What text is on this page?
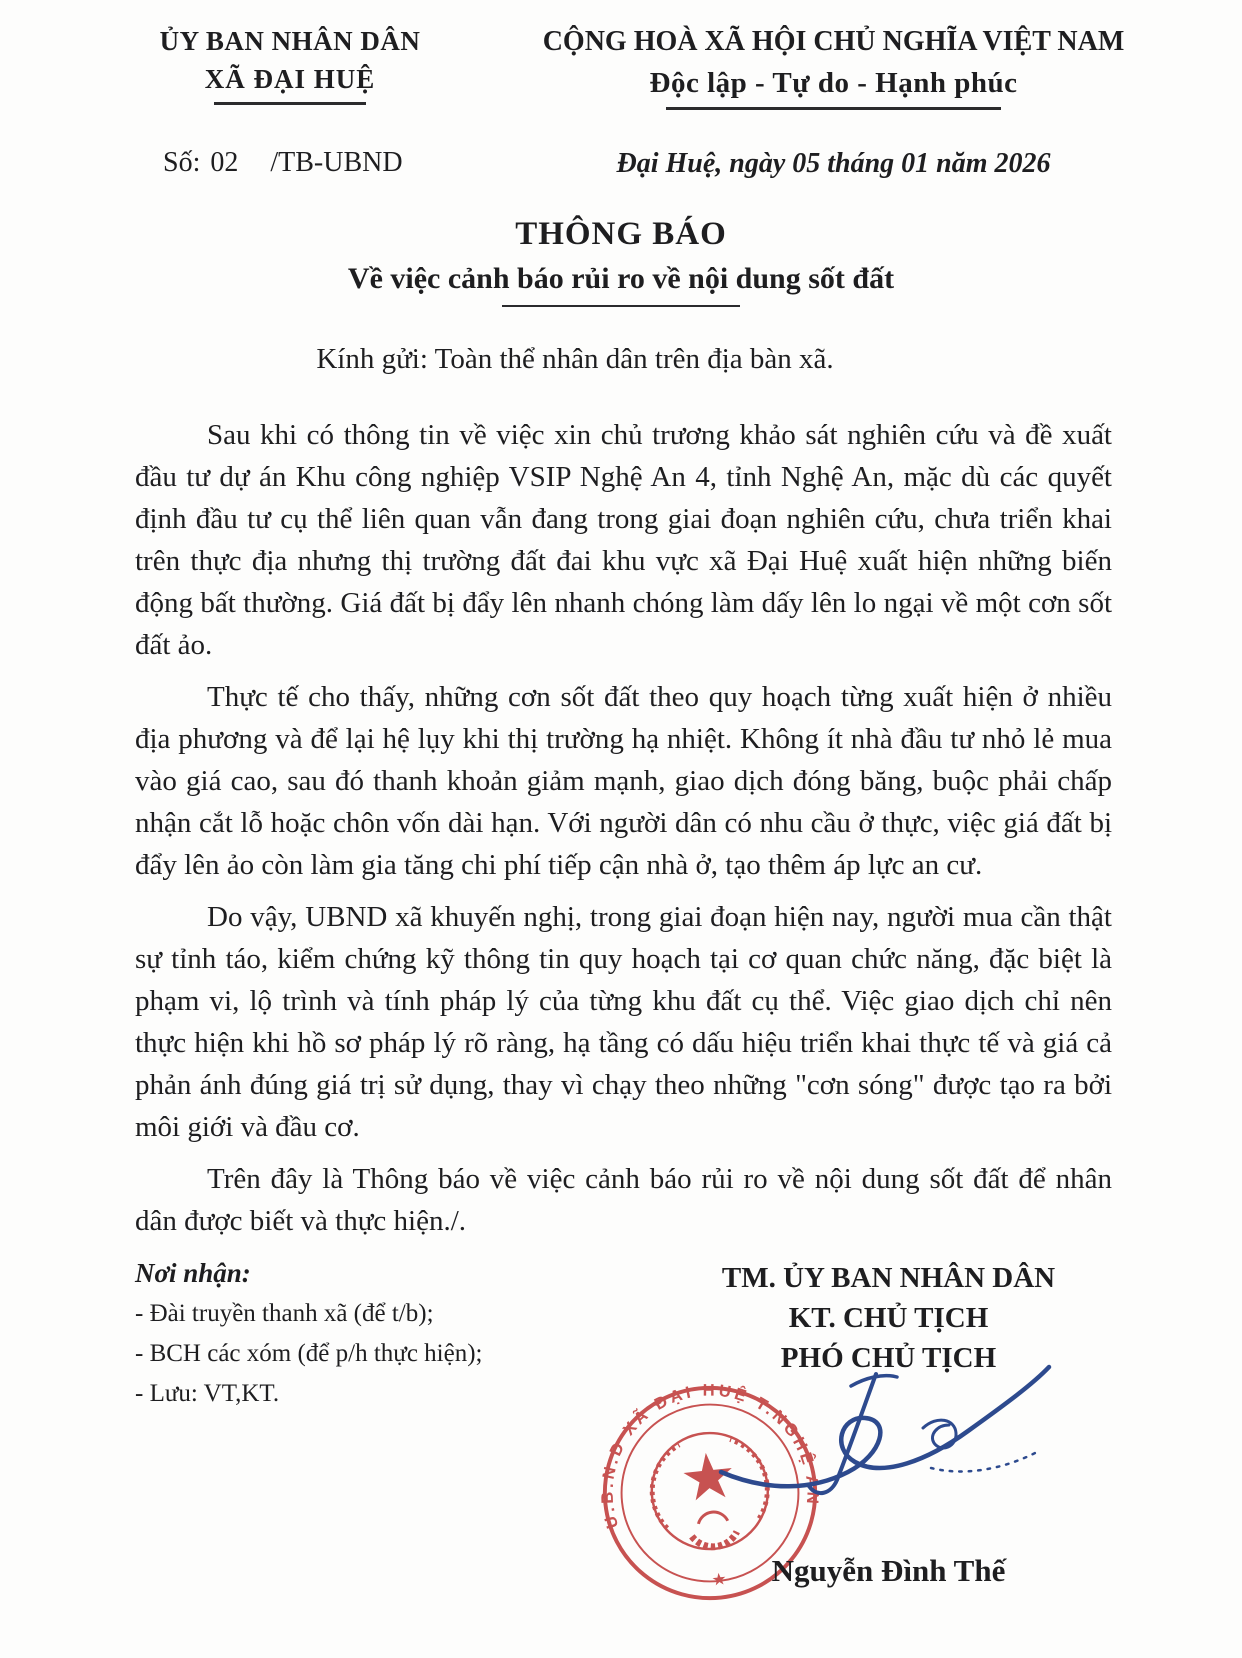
ỦY BAN NHÂN DÂN
XÃ ĐẠI HUỆ
Số: 02 /TB-UBND
CỘNG HOÀ XÃ HỘI CHỦ NGHĨA VIỆT NAM
Độc lập - Tự do - Hạnh phúc
Đại Huệ, ngày 05 tháng 01 năm 2026
THÔNG BÁO
Về việc cảnh báo rủi ro về nội dung sốt đất
Kính gửi: Toàn thể nhân dân trên địa bàn xã.

Sau khi có thông tin về việc xin chủ trương khảo sát nghiên cứu và đề xuất đầu tư dự án Khu công nghiệp VSIP Nghệ An 4, tỉnh Nghệ An, mặc dù các quyết định đầu tư cụ thể liên quan vẫn đang trong giai đoạn nghiên cứu, chưa triển khai trên thực địa nhưng thị trường đất đai khu vực xã Đại Huệ xuất hiện những biến động bất thường. Giá đất bị đẩy lên nhanh chóng làm dấy lên lo ngại về một cơn sốt đất ảo.

Thực tế cho thấy, những cơn sốt đất theo quy hoạch từng xuất hiện ở nhiều địa phương và để lại hệ lụy khi thị trường hạ nhiệt. Không ít nhà đầu tư nhỏ lẻ mua vào giá cao, sau đó thanh khoản giảm mạnh, giao dịch đóng băng, buộc phải chấp nhận cắt lỗ hoặc chôn vốn dài hạn. Với người dân có nhu cầu ở thực, việc giá đất bị đẩy lên ảo còn làm gia tăng chi phí tiếp cận nhà ở, tạo thêm áp lực an cư.

Do vậy, UBND xã khuyến nghị, trong giai đoạn hiện nay, người mua cần thật sự tỉnh táo, kiểm chứng kỹ thông tin quy hoạch tại cơ quan chức năng, đặc biệt là phạm vi, lộ trình và tính pháp lý của từng khu đất cụ thể. Việc giao dịch chỉ nên thực hiện khi hồ sơ pháp lý rõ ràng, hạ tầng có dấu hiệu triển khai thực tế và giá cả phản ánh đúng giá trị sử dụng, thay vì chạy theo những "cơn sóng" được tạo ra bởi môi giới và đầu cơ.

Trên đây là Thông báo về việc cảnh báo rủi ro về nội dung sốt đất để nhân dân được biết và thực hiện./.

Nơi nhận:
- Đài truyền thanh xã (để t/b);
- BCH các xóm (để p/h thực hiện);
- Lưu: VT,KT.
TM. ỦY BAN NHÂN DÂN
KT. CHỦ TỊCH
PHÓ CHỦ TỊCH
U.B.N.D XÃ ĐẠI HUỆ T.NGHỆ AN
★	Nguyễn Đình Thế
